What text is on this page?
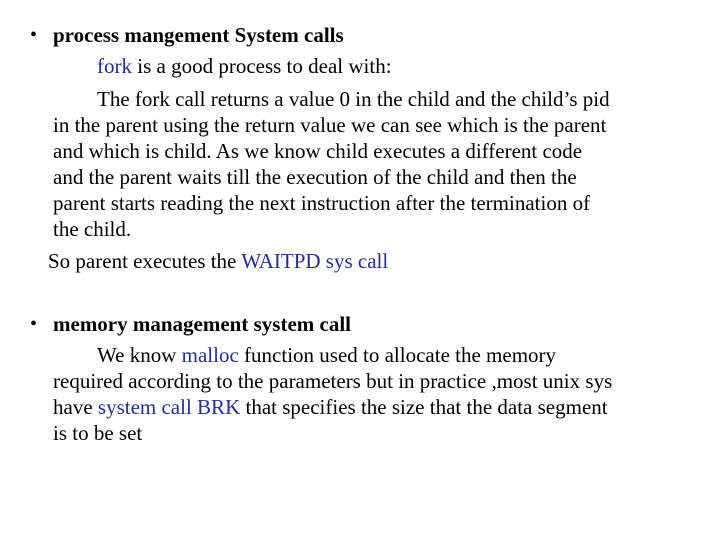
• process mangement System calls
fork is a good process to deal with:
The fork call returns a value 0 in the child and the child’s pid
in the parent using the return value we can see which is the parent
and which is child. As we know child executes a different code
and the parent waits till the execution of the child and then the
parent starts reading the next instruction after the termination of
the child.
So parent executes the WAITPD sys call
• memory management system call
We know malloc function used to allocate the memory
required according to the parameters but in practice ,most unix sys
have system call BRK that specifies the size that the data segment
is to be set
